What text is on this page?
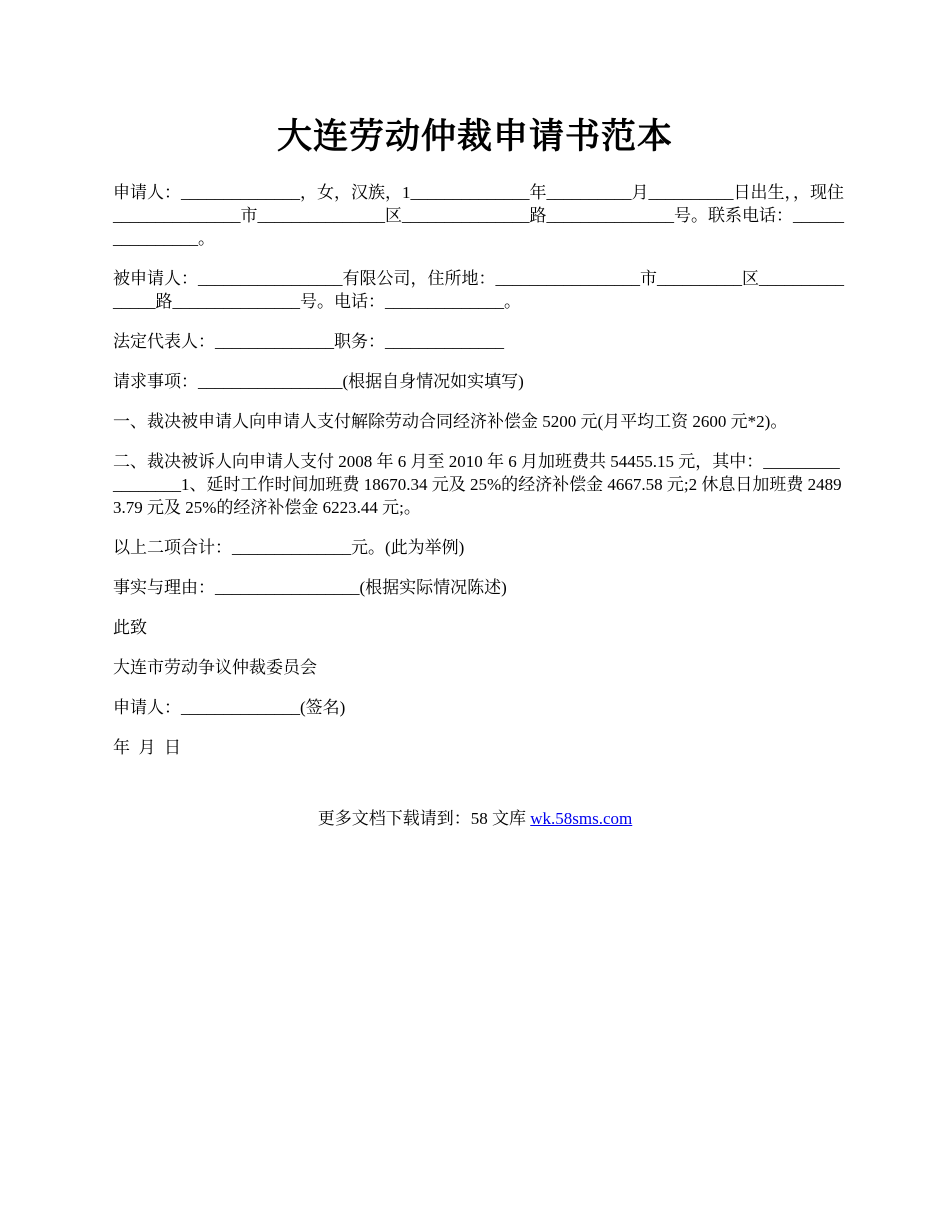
大连劳动仲裁申请书范本

申请人：______________，女，汉族，1______________年__________月__________日出生，，现住_______________市_______________区_______________路_______________号。联系电话：________________。

被申请人：_________________有限公司，住所地：_________________市__________区_______________路_______________号。电话：______________。

法定代表人：______________职务：______________

请求事项：_________________(根据自身情况如实填写)

一、裁决被申请人向申请人支付解除劳动合同经济补偿金 5200 元(月平均工资 2600 元*2)。

二、裁决被诉人向申请人支付 2008 年 6 月至 2010 年 6 月加班费共 54455.15 元，其中：_________________1、延时工作时间加班费 18670.34 元及 25%的经济补偿金 4667.58 元;2 休息日加班费 24893.79 元及 25%的经济补偿金 6223.44 元;。

以上二项合计：______________元。(此为举例)

事实与理由：_________________(根据实际情况陈述)

此致

大连市劳动争议仲裁委员会

申请人：______________(签名)

年  月  日

更多文档下载请到：58 文库 wk.58sms.com
